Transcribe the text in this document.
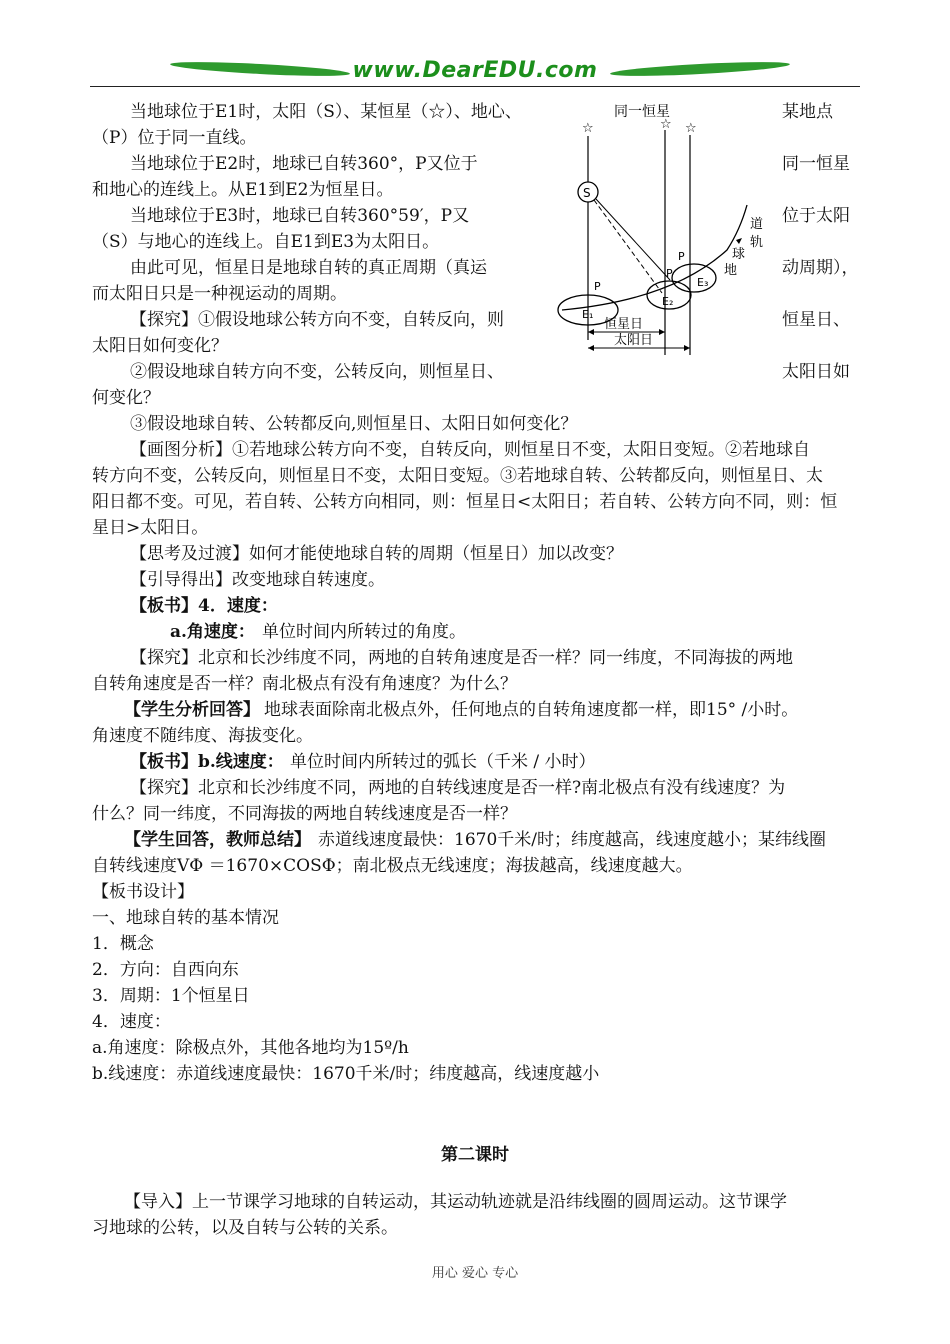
www.DearEDU.com
同一恒星
☆	☆ ☆
S
道
轨
球
地
E₁
P
E₂
P
E₃
P
恒星日
太阳日
当地球位于E1时，太阳（S）、某恒星（☆）、地心、	某地点
（P）位于同一直线。
当地球位于E2时，地球已自转360°，P又位于	同一恒星
和地心的连线上。从E1到E2为恒星日。
当地球位于E3时，地球已自转360°59′，P又	位于太阳
（S）与地心的连线上。自E1到E3为太阳日。
由此可见，恒星日是地球自转的真正周期（真运	动周期），
而太阳日只是一种视运动的周期。
【探究】①假设地球公转方向不变，自转反向，则	恒星日、
太阳日如何变化？
②假设地球自转方向不变，公转反向，则恒星日、	太阳日如
何变化？
③假设地球自转、公转都反向,则恒星日、太阳日如何变化？
【画图分析】①若地球公转方向不变，自转反向，则恒星日不变，太阳日变短。②若地球自
转方向不变，公转反向，则恒星日不变，太阳日变短。③若地球自转、公转都反向，则恒星日、太
阳日都不变。可见，若自转、公转方向相同，则：恒星日<太阳日；若自转、公转方向不同，则：恒
星日>太阳日。
【思考及过渡】如何才能使地球自转的周期（恒星日）加以改变？
【引导得出】改变地球自转速度。
【板书】4．速度：
a.角速度： 单位时间内所转过的角度。
【探究】北京和长沙纬度不同，两地的自转角速度是否一样？同一纬度，不同海拔的两地
自转角速度是否一样？南北极点有没有角速度？为什么？
【学生分析回答】 地球表面除南北极点外，任何地点的自转角速度都一样，即15° /小时。
角速度不随纬度、海拔变化。
【板书】b.线速度： 单位时间内所转过的弧长（千米 / 小时）
【探究】北京和长沙纬度不同，两地的自转线速度是否一样?南北极点有没有线速度？为
什么？同一纬度，不同海拔的两地自转线速度是否一样？
【学生回答，教师总结】 赤道线速度最快：1670千米/时；纬度越高，线速度越小；某纬线圈
自转线速度VΦ ＝1670×COSΦ；南北极点无线速度；海拔越高，线速度越大。
【板书设计】
一、地球自转的基本情况
1．概念
2．方向：自西向东
3．周期：1个恒星日
4．速度：
a.角速度：除极点外，其他各地均为15º/h
b.线速度：赤道线速度最快：1670千米/时；纬度越高，线速度越小
第二课时
【导入】上一节课学习地球的自转运动，其运动轨迹就是沿纬线圈的圆周运动。这节课学
习地球的公转，以及自转与公转的关系。
用心 爱心 专心
